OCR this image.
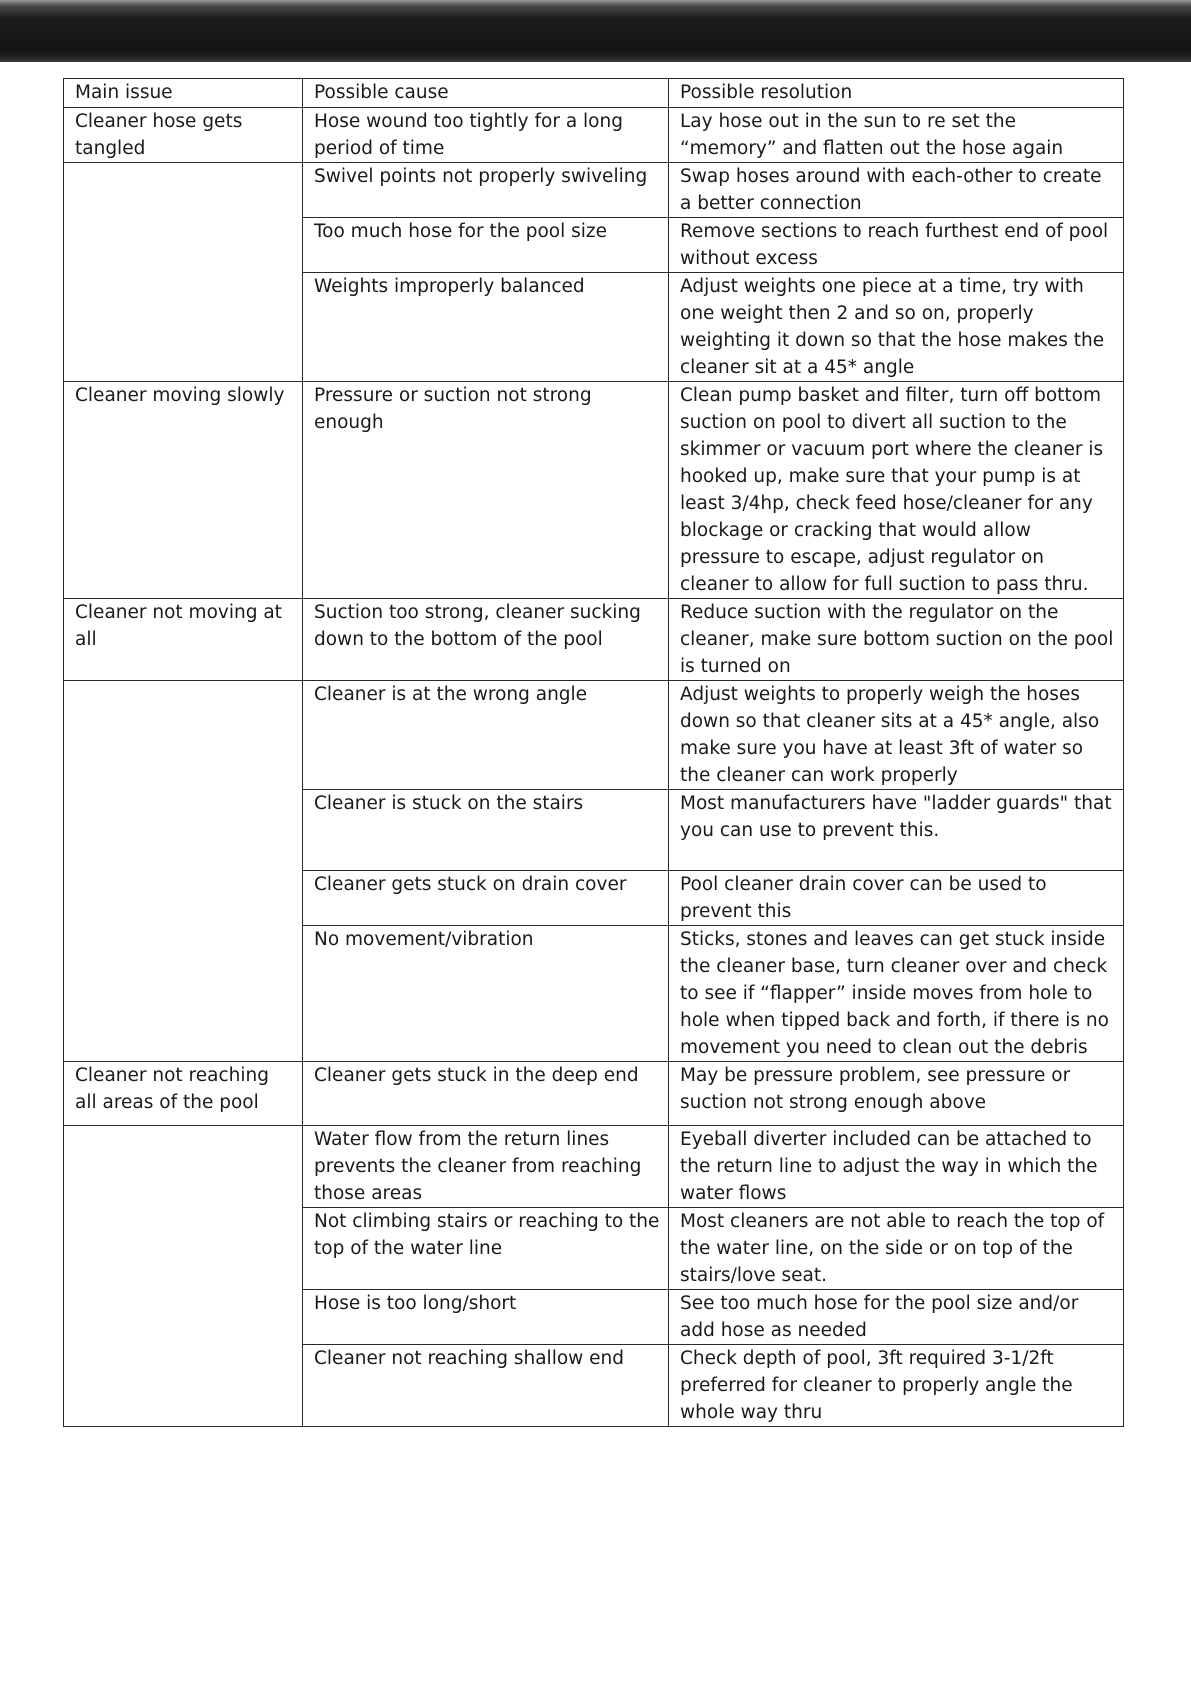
Main issue	Possible cause	Possible resolution
Cleaner hose gets tangled	Hose wound too tightly for a long period of time	Lay hose out in the sun to re set the “memory” and flatten out the hose again
	Swivel points not properly swiveling	Swap hoses around with each-other to create a better connection
	Too much hose for the pool size	Remove sections to reach furthest end of pool without excess
	Weights improperly balanced	Adjust weights one piece at a time, try with one weight then 2 and so on, properly weighting it down so that the hose makes the cleaner sit at a 45* angle
Cleaner moving slowly	Pressure or suction not strong enough	Clean pump basket and filter, turn off bottom suction on pool to divert all suction to the skimmer or vacuum port where the cleaner is hooked up, make sure that your pump is at least 3/4hp, check feed hose/cleaner for any blockage or cracking that would allow pressure to escape, adjust regulator on cleaner to allow for full suction to pass thru.
Cleaner not moving at all	Suction too strong, cleaner sucking down to the bottom of the pool	Reduce suction with the regulator on the cleaner, make sure bottom suction on the pool is turned on
	Cleaner is at the wrong angle	Adjust weights to properly weigh the hoses down so that cleaner sits at a 45* angle, also make sure you have at least 3ft of water so the cleaner can work properly
	Cleaner is stuck on the stairs	Most manufacturers have "ladder guards" that you can use to prevent this.
	Cleaner gets stuck on drain cover	Pool cleaner drain cover can be used to prevent this
	No movement/vibration	Sticks, stones and leaves can get stuck inside the cleaner base, turn cleaner over and check to see if “flapper” inside moves from hole to hole when tipped back and forth, if there is no movement you need to clean out the debris
Cleaner not reaching all areas of the pool	Cleaner gets stuck in the deep end	May be pressure problem, see pressure or suction not strong enough above
	Water flow from the return lines prevents the cleaner from reaching those areas	Eyeball diverter included can be attached to the return line to adjust the way in which the water flows
	Not climbing stairs or reaching to the top of the water line	Most cleaners are not able to reach the top of the water line, on the side or on top of the stairs/love seat.
	Hose is too long/short	See too much hose for the pool size and/or add hose as needed
	Cleaner not reaching shallow end	Check depth of pool, 3ft required 3-1/2ft preferred for cleaner to properly angle the whole way thru
